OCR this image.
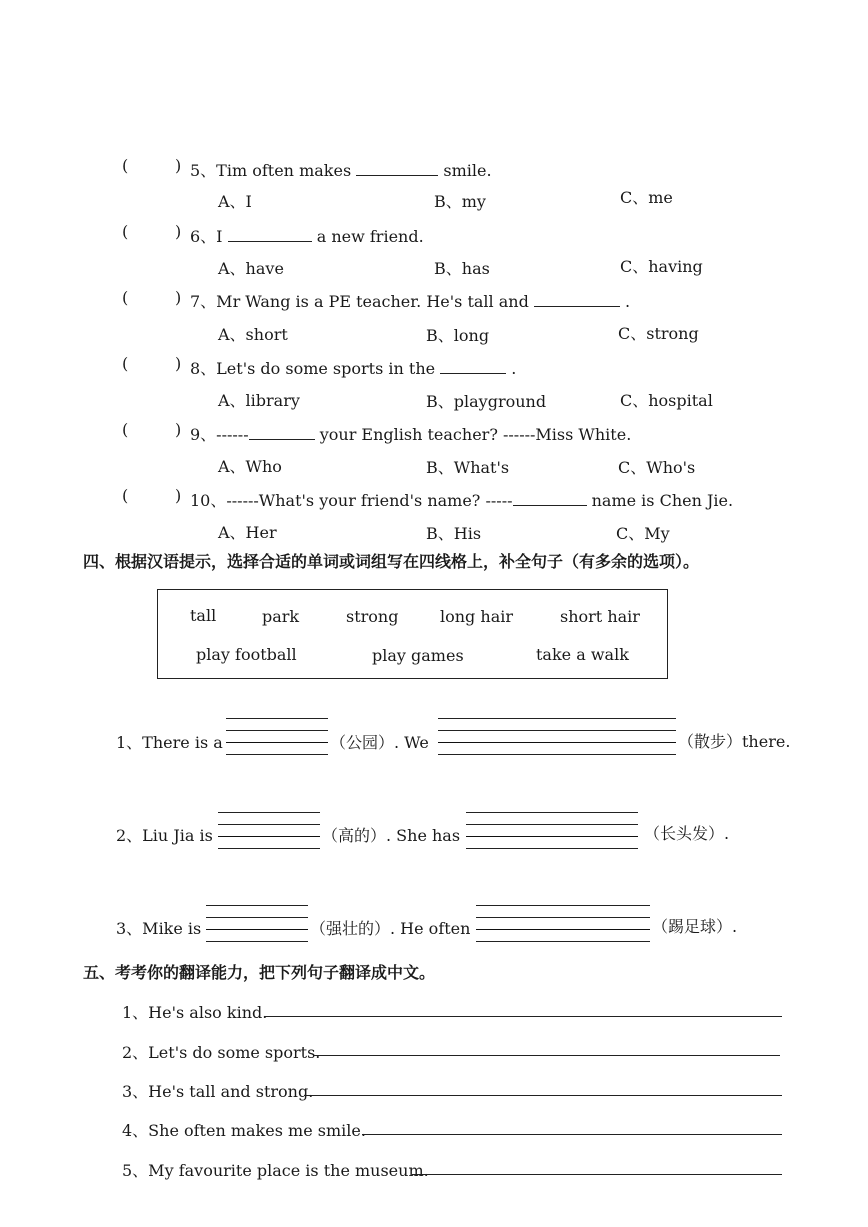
(	) 5、Tim often makes	smile.
A、I	B、my	C、me
(	) 6、I	a new friend.
A、have	B、has	C、having
(	) 7、Mr Wang is a PE teacher. He's tall and	.
A、short	B、long	C、strong
(	) 8、Let's do some sports in the	.
A、library	B、playground	C、hospital
(	) 9、------	your English teacher? ------Miss White.
A、Who	B、What's	C、Who's
(	) 10、------What's your friend's name? -----	name is Chen Jie.
A、Her	B、His	C、My
四、根据汉语提示，选择合适的单词或词组写在四线格上，补全句子（有多余的选项）。
tall	park	strong	long hair	short hair
play football	play games	take a walk
1、There is a	（公园）. We	（散步）there.
2、Liu Jia is	（高的）. She has	（长头发）.
3、Mike is	（强壮的）. He often	（踢足球）.
五、考考你的翻译能力，把下列句子翻译成中文。
1、He's also kind.
2、Let's do some sports.
3、He's tall and strong.
4、She often makes me smile.
5、My favourite place is the museum.
